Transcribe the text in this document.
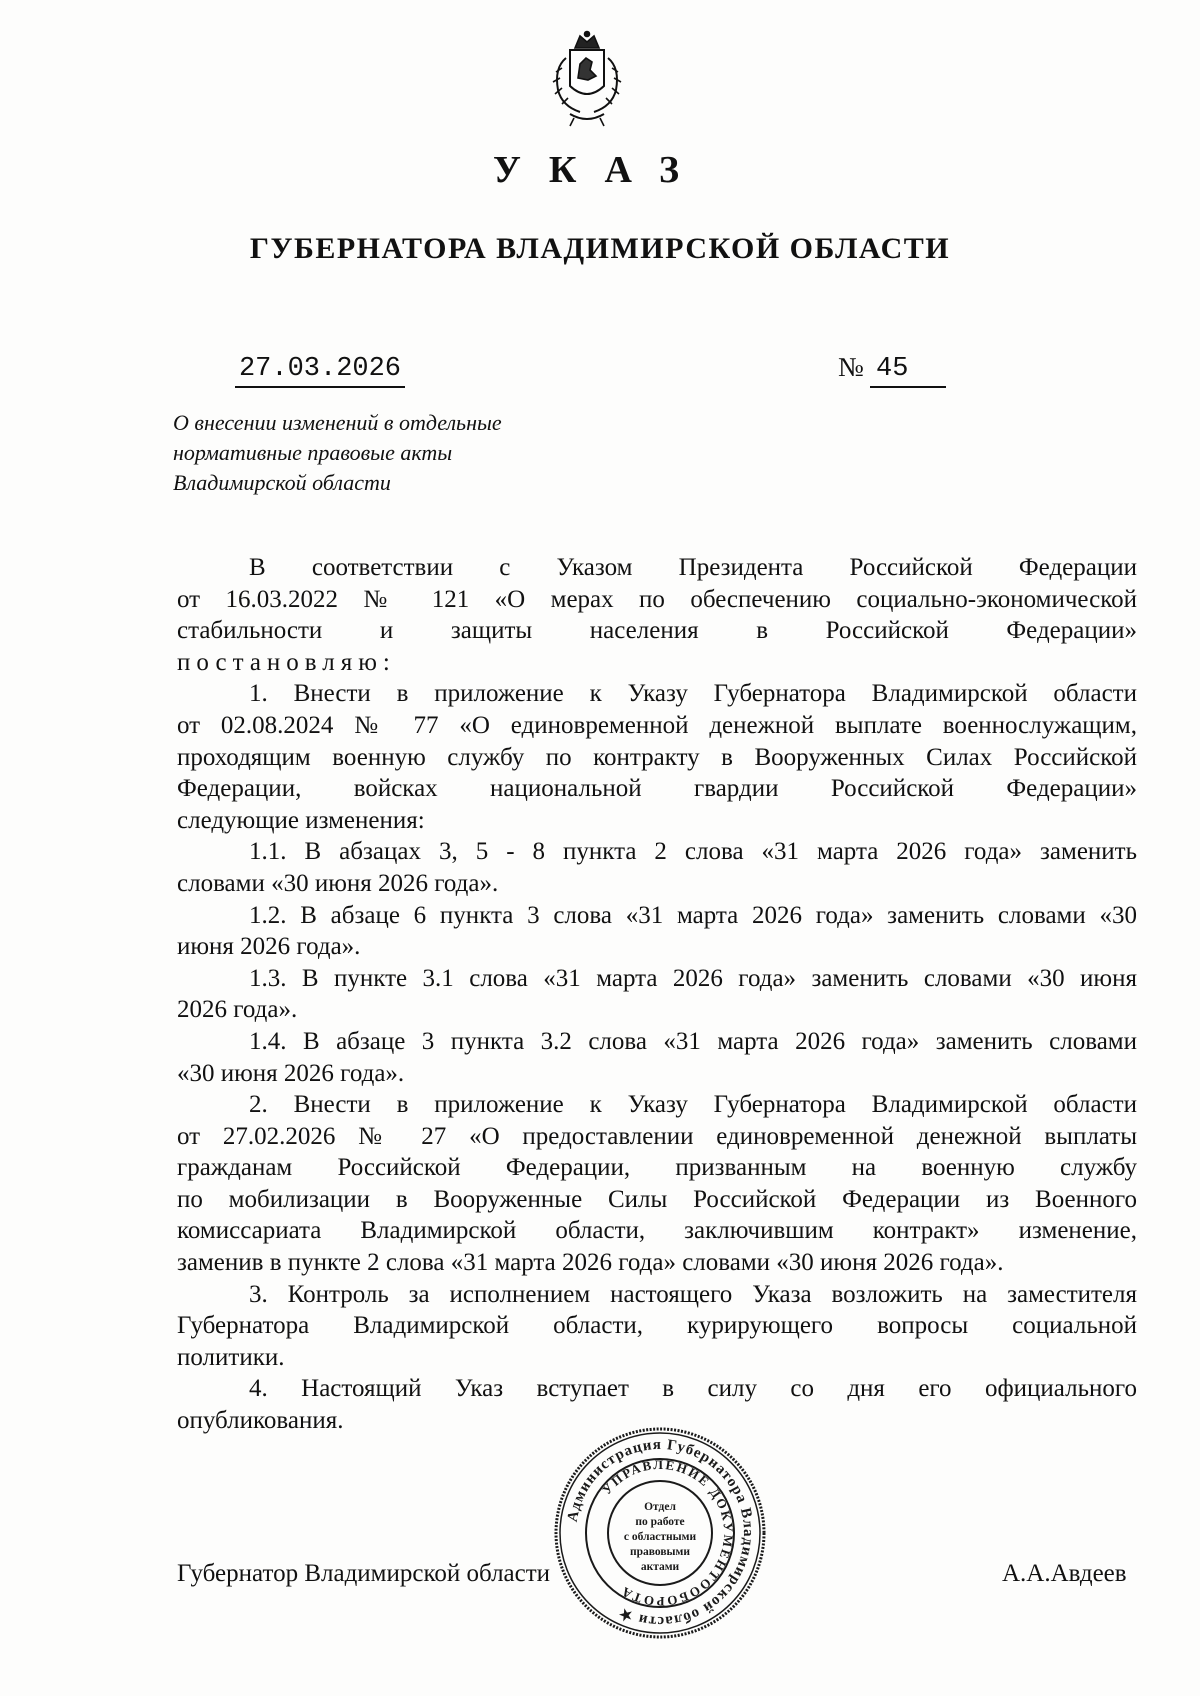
УКАЗ
ГУБЕРНАТОРА ВЛАДИМИРСКОЙ ОБЛАСТИ
27.03.2026	№ 45
О внесении изменений в отдельные
нормативные правовые акты
Владимирской области
В соответствии с Указом Президента Российской Федерации
от 16.03.2022 № 121 «О мерах по обеспечению социально-экономической
стабильности и защиты населения в Российской Федерации»
постановляю:
1. Внести в приложение к Указу Губернатора Владимирской области
от 02.08.2024 № 77 «О единовременной денежной выплате военнослужащим,
проходящим военную службу по контракту в Вооруженных Силах Российской
Федерации, войсках национальной гвардии Российской Федерации»
следующие изменения:
1.1. В абзацах 3, 5 - 8 пункта 2 слова «31 марта 2026 года» заменить
словами «30 июня 2026 года».
1.2. В абзаце 6 пункта 3 слова «31 марта 2026 года» заменить словами «30
июня 2026 года».
1.3. В пункте 3.1 слова «31 марта 2026 года» заменить словами «30 июня
2026 года».
1.4. В абзаце 3 пункта 3.2 слова «31 марта 2026 года» заменить словами
«30 июня 2026 года».
2. Внести в приложение к Указу Губернатора Владимирской области
от 27.02.2026 № 27 «О предоставлении единовременной денежной выплаты
гражданам Российской Федерации, призванным на военную службу
по мобилизации в Вооруженные Силы Российской Федерации из Военного
комиссариата Владимирской области, заключившим контракт» изменение,
заменив в пункте 2 слова «31 марта 2026 года» словами «30 июня 2026 года».
3. Контроль за исполнением настоящего Указа возложить на заместителя
Губернатора Владимирской области, курирующего вопросы социальной
политики.
4. Настоящий Указ вступает в силу со дня его официального
опубликования.
Губернатор Владимирской области	А.А.Авдеев
Администрация Губернатора Владимирской области ★
УПРАВЛЕНИЕ ДОКУМЕНТООБОРОТА
Отдел
по работе
с областными
правовыми
актами
